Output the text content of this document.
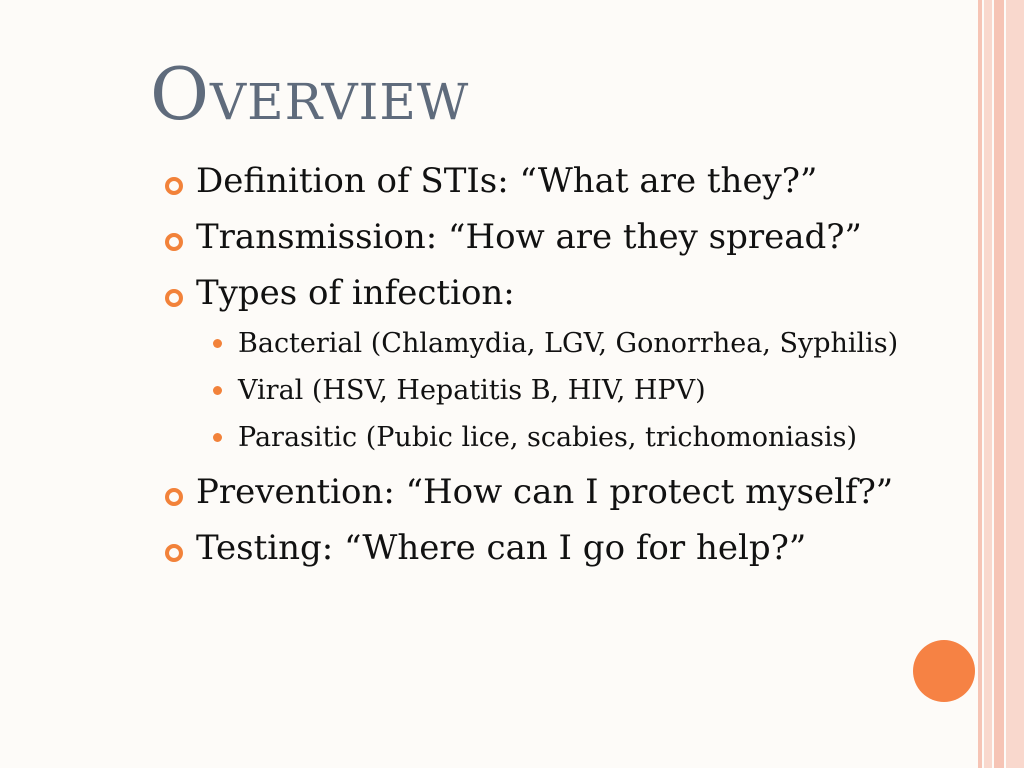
Overview
Definition of STIs: “What are they?”
Transmission: “How are they spread?”
Types of infection:
Bacterial (Chlamydia, LGV, Gonorrhea, Syphilis)
Viral (HSV, Hepatitis B, HIV, HPV)
Parasitic (Pubic lice, scabies, trichomoniasis)
Prevention: “How can I protect myself?”
Testing: “Where can I go for help?”
